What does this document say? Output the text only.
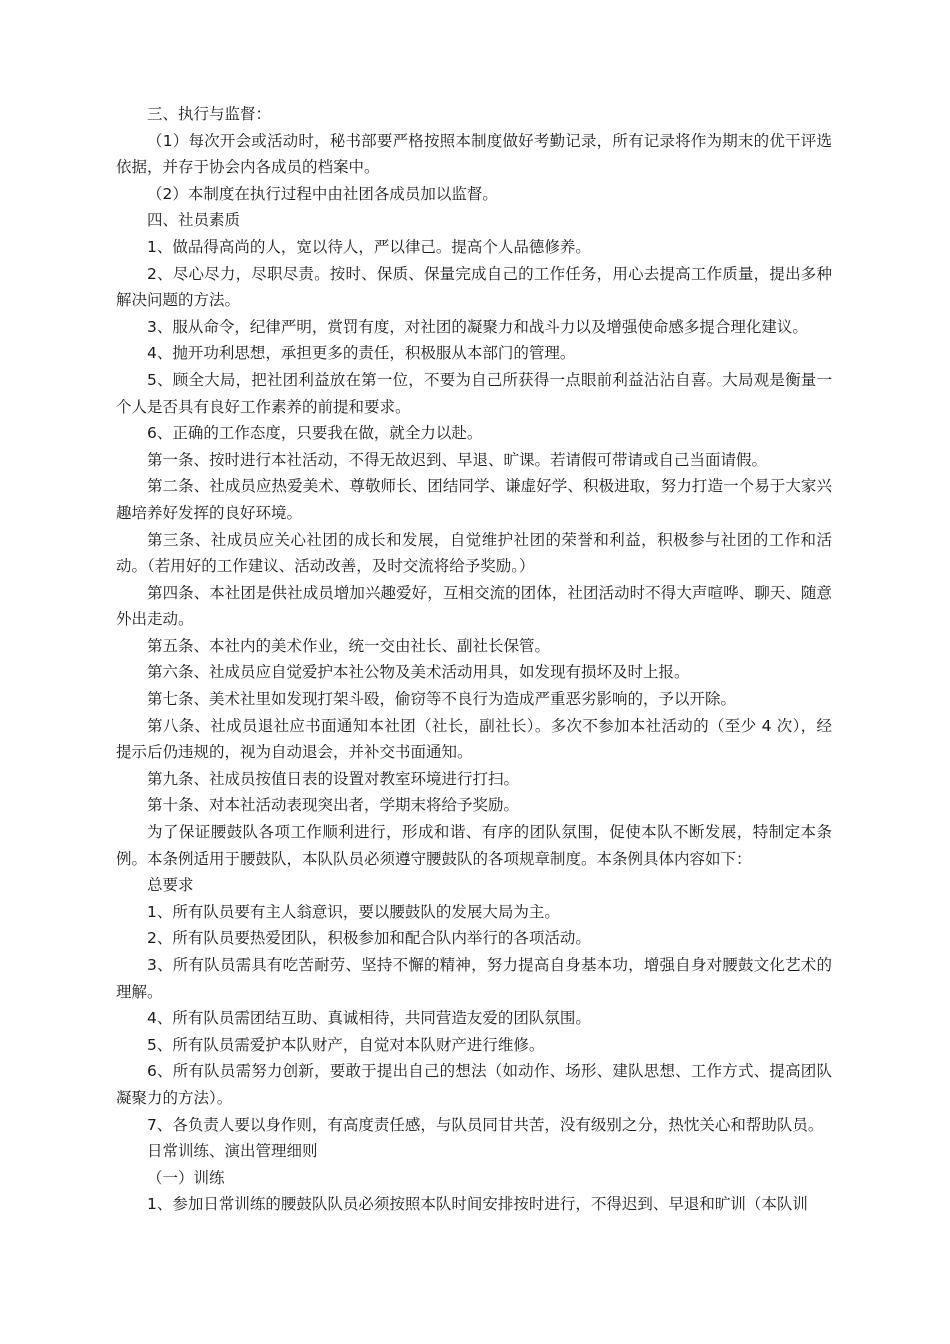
三、执行与监督：

（1）每次开会或活动时，秘书部要严格按照本制度做好考勤记录，所有记录将作为期末的优干评选依据，并存于协会内各成员的档案中。

（2）本制度在执行过程中由社团各成员加以监督。

四、社员素质

1、做品得高尚的人，宽以待人，严以律己。提高个人品德修养。

2、尽心尽力，尽职尽责。按时、保质、保量完成自己的工作任务，用心去提高工作质量，提出多种解决问题的方法。

3、服从命令，纪律严明，赏罚有度，对社团的凝聚力和战斗力以及增强使命感多提合理化建议。

4、抛开功利思想，承担更多的责任，积极服从本部门的管理。

5、顾全大局，把社团利益放在第一位，不要为自己所获得一点眼前利益沾沾自喜。大局观是衡量一个人是否具有良好工作素养的前提和要求。

6、正确的工作态度，只要我在做，就全力以赴。

第一条、按时进行本社活动，不得无故迟到、早退、旷课。若请假可带请或自己当面请假。

第二条、社成员应热爱美术、尊敬师长、团结同学、谦虚好学、积极进取，努力打造一个易于大家兴趣培养好发挥的良好环境。

第三条、社成员应关心社团的成长和发展，自觉维护社团的荣誉和利益，积极参与社团的工作和活动。（若用好的工作建议、活动改善，及时交流将给予奖励。）

第四条、本社团是供社成员增加兴趣爱好，互相交流的团体，社团活动时不得大声喧哗、聊天、随意外出走动。

第五条、本社内的美术作业，统一交由社长、副社长保管。

第六条、社成员应自觉爱护本社公物及美术活动用具，如发现有损坏及时上报。

第七条、美术社里如发现打架斗殴，偷窃等不良行为造成严重恶劣影响的，予以开除。

第八条、社成员退社应书面通知本社团（社长，副社长）。多次不参加本社活动的（至少 4 次），经提示后仍违规的，视为自动退会，并补交书面通知。

第九条、社成员按值日表的设置对教室环境进行打扫。

第十条、对本社活动表现突出者，学期末将给予奖励。

为了保证腰鼓队各项工作顺利进行，形成和谐、有序的团队氛围，促使本队不断发展，特制定本条例。本条例适用于腰鼓队，本队队员必须遵守腰鼓队的各项规章制度。本条例具体内容如下：

总要求

1、所有队员要有主人翁意识，要以腰鼓队的发展大局为主。

2、所有队员要热爱团队，积极参加和配合队内举行的各项活动。

3、所有队员需具有吃苦耐劳、坚持不懈的精神，努力提高自身基本功，增强自身对腰鼓文化艺术的理解。

4、所有队员需团结互助、真诚相待，共同营造友爱的团队氛围。

5、所有队员需爱护本队财产，自觉对本队财产进行维修。

6、所有队员需努力创新，要敢于提出自己的想法（如动作、场形、建队思想、工作方式、提高团队凝聚力的方法）。

7、各负责人要以身作则，有高度责任感，与队员同甘共苦，没有级别之分，热忱关心和帮助队员。

日常训练、演出管理细则

（一）训练

1、参加日常训练的腰鼓队队员必须按照本队时间安排按时进行，不得迟到、早退和旷训（本队训
